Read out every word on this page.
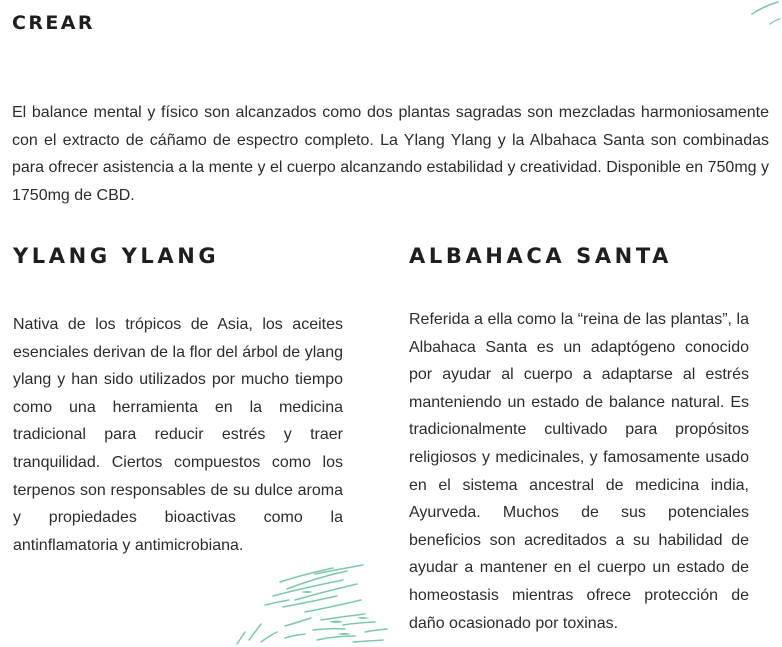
CREAR

El balance mental y físico son alcanzados como dos plantas sagradas son mezcladas harmoniosamente con el extracto de cáñamo de espectro completo. La Ylang Ylang y la Albahaca Santa son combinadas para ofrecer asistencia a la mente y el cuerpo alcanzando estabilidad y creatividad. Disponible en 750mg y 1750mg de CBD.

YLANG YLANG

Nativa de los trópicos de Asia, los aceites esenciales derivan de la flor del árbol de ylang ylang y han sido utilizados por mucho tiempo como una herramienta en la medicina tradicional para reducir estrés y traer tranquilidad. Ciertos compuestos como los terpenos son responsables de su dulce aroma y propiedades bioactivas como la antinflamatoria y antimicrobiana.

ALBAHACA SANTA

Referida a ella como la “reina de las plantas”, la Albahaca Santa es un adaptógeno conocido por ayudar al cuerpo a adaptarse al estrés manteniendo un estado de balance natural. Es tradicionalmente cultivado para propósitos religiosos y medicinales, y famosamente usado en el sistema ancestral de medicina india, Ayurveda. Muchos de sus potenciales beneficios son acreditados a su habilidad de ayudar a mantener en el cuerpo un estado de homeostasis mientras ofrece protección de daño ocasionado por toxinas.
